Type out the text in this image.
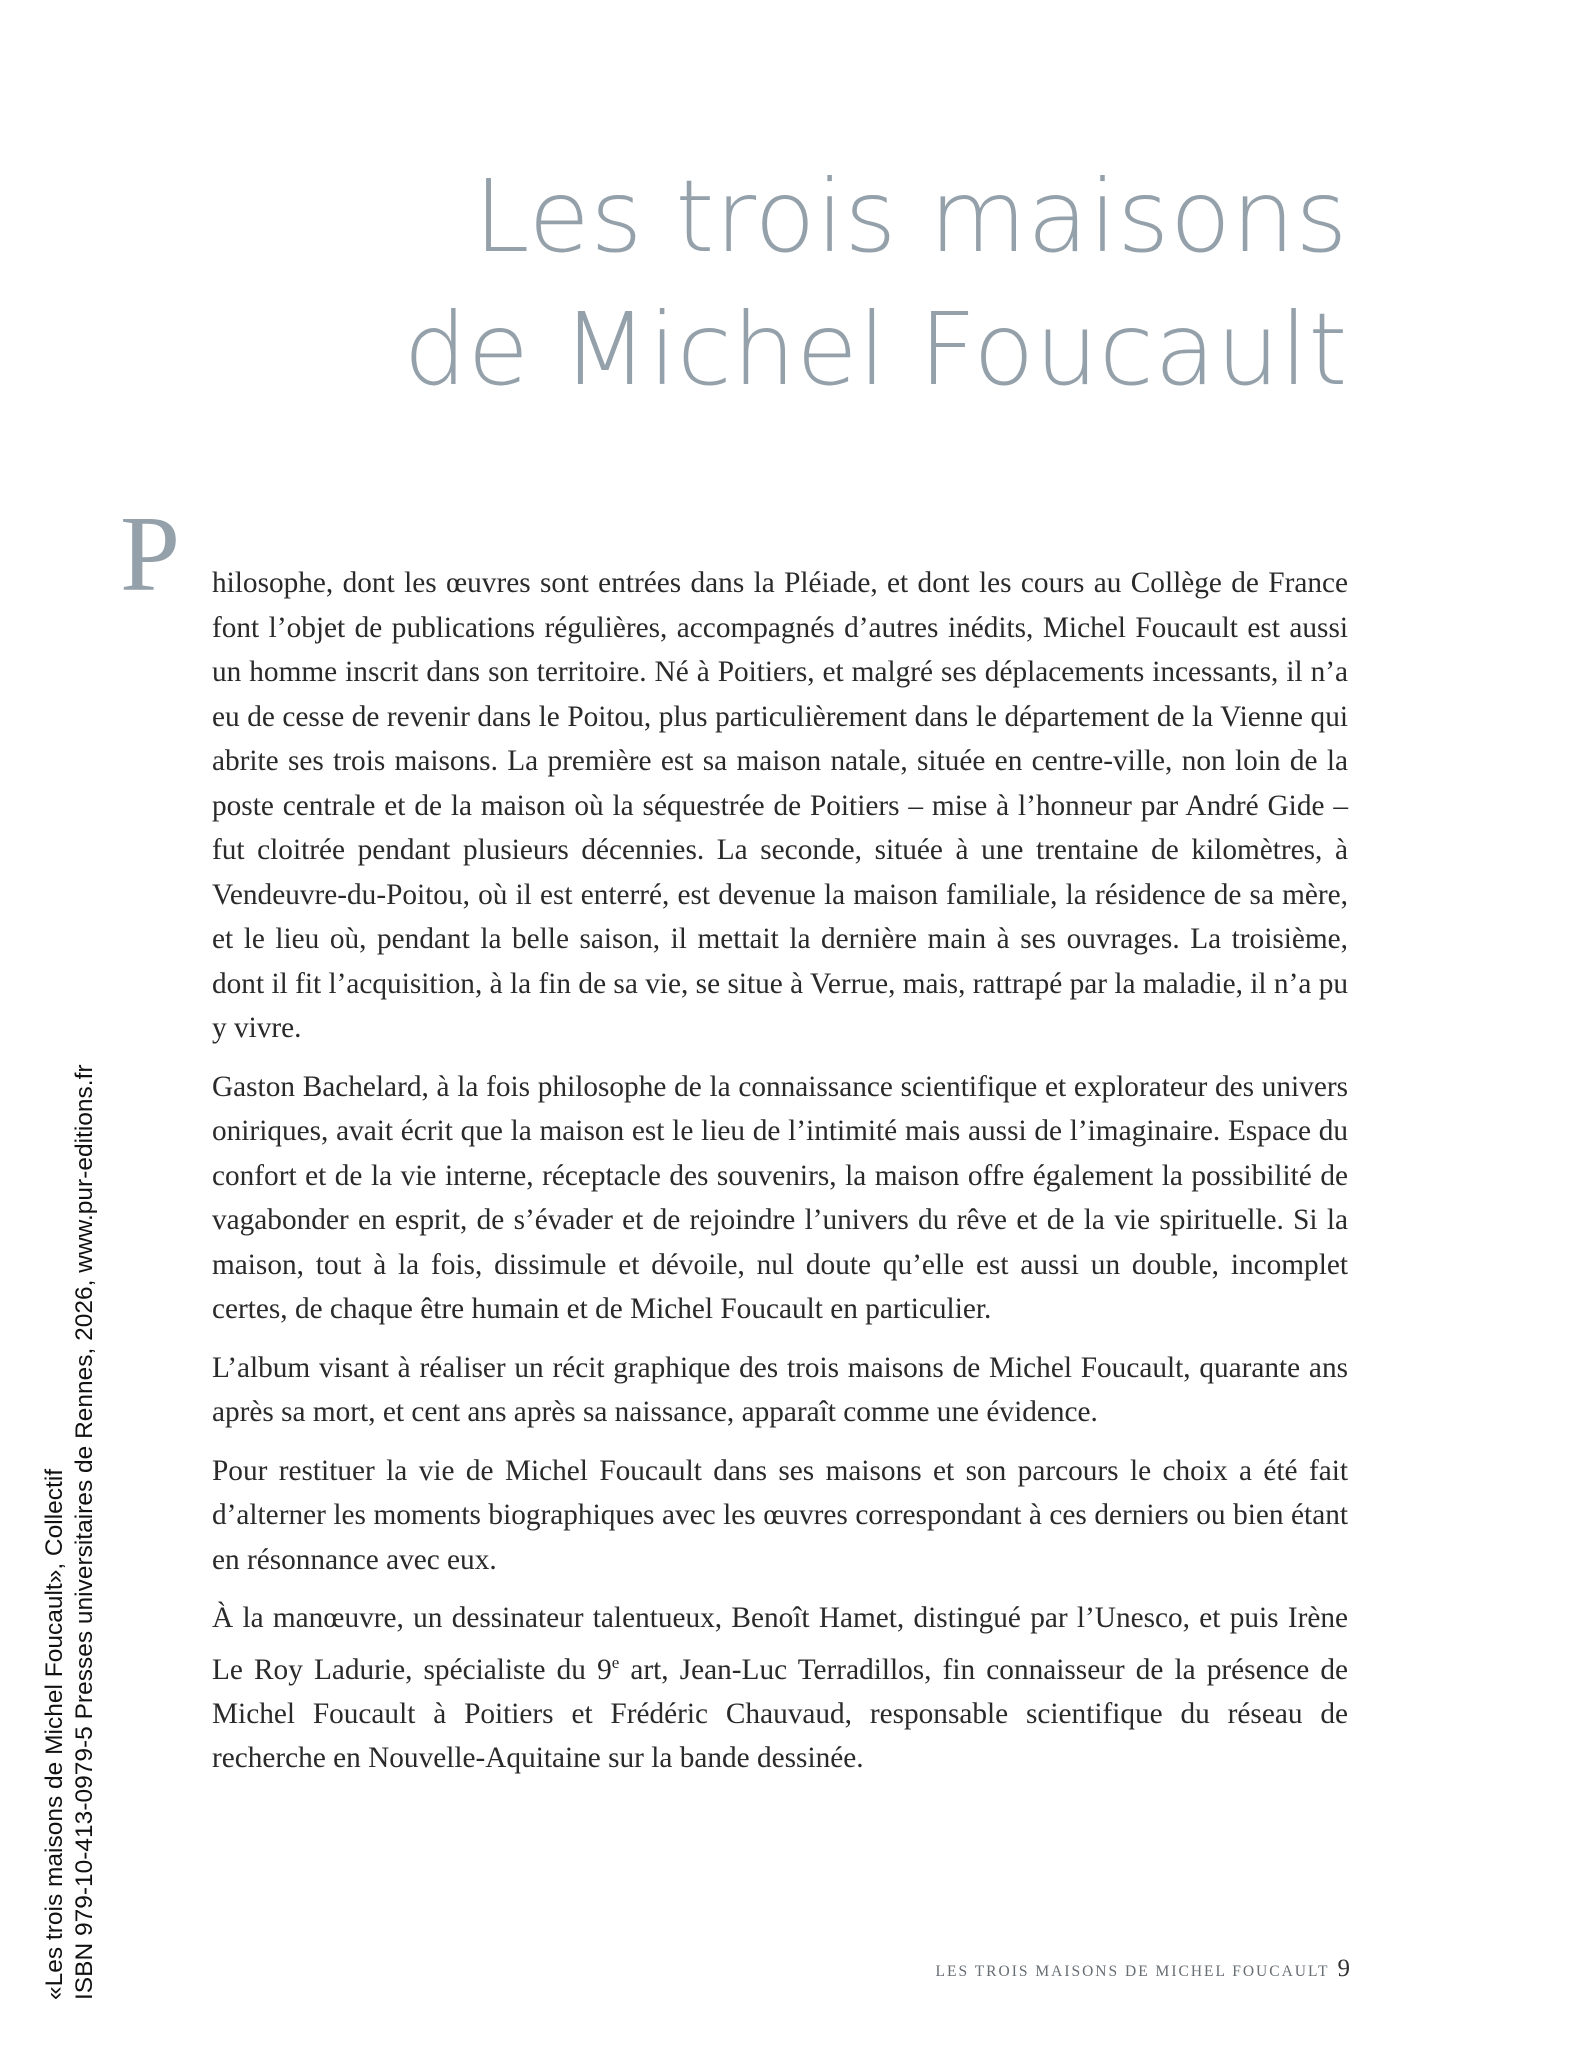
Les trois maisons
de Michel Foucault
P hilosophe, dont les œuvres sont entrées dans la Pléiade, et dont les cours au Collège de France font l’objet de publications régulières, accompagnés d’autres inédits, Michel Foucault est aussi un homme inscrit dans son territoire. Né à Poitiers, et malgré ses déplacements incessants, il n’a eu de cesse de revenir dans le Poitou, plus particulièrement dans le département de la Vienne qui abrite ses trois maisons. La première est sa maison natale, située en centre-ville, non loin de la poste centrale et de la maison où la séquestrée de Poitiers – mise à l’honneur par André Gide – fut cloitrée pendant plusieurs décennies. La seconde, située à une trentaine de kilomètres, à Vendeuvre-du-Poitou, où il est enterré, est devenue la maison familiale, la résidence de sa mère, et le lieu où, pendant la belle saison, il mettait la dernière main à ses ouvrages. La troisième, dont il fit l’acquisition, à la fin de sa vie, se situe à Verrue, mais, rattrapé par la maladie, il n’a pu y vivre.

Gaston Bachelard, à la fois philosophe de la connaissance scientifique et explorateur des univers oniriques, avait écrit que la maison est le lieu de l’intimité mais aussi de l’imaginaire. Espace du confort et de la vie interne, réceptacle des souvenirs, la maison offre également la possibilité de vagabonder en esprit, de s’évader et de rejoindre l’univers du rêve et de la vie spirituelle. Si la maison, tout à la fois, dissimule et dévoile, nul doute qu’elle est aussi un double, incomplet certes, de chaque être humain et de Michel Foucault en particulier.

L’album visant à réaliser un récit graphique des trois maisons de Michel Foucault, quarante ans après sa mort, et cent ans après sa naissance, apparaît comme une évidence.

Pour restituer la vie de Michel Foucault dans ses maisons et son parcours le choix a été fait d’alterner les moments biographiques avec les œuvres correspondant à ces derniers ou bien étant en résonnance avec eux.

À la manœuvre, un dessinateur talentueux, Benoît Hamet, distingué par l’Unesco, et puis Irène Le Roy Ladurie, spécialiste du 9e art, Jean-Luc Terradillos, fin connaisseur de la présence de Michel Foucault à Poitiers et Frédéric Chauvaud, responsable scientifique du réseau de recherche en Nouvelle-Aquitaine sur la bande dessinée.

«Les trois maisons de Michel Foucault», Collectif ISBN 979-10-413-0979-5 Presses universitaires de Rennes, 2026, www.pur-editions.fr	LES TROIS MAISONS DE MICHEL FOUCAULT 9
